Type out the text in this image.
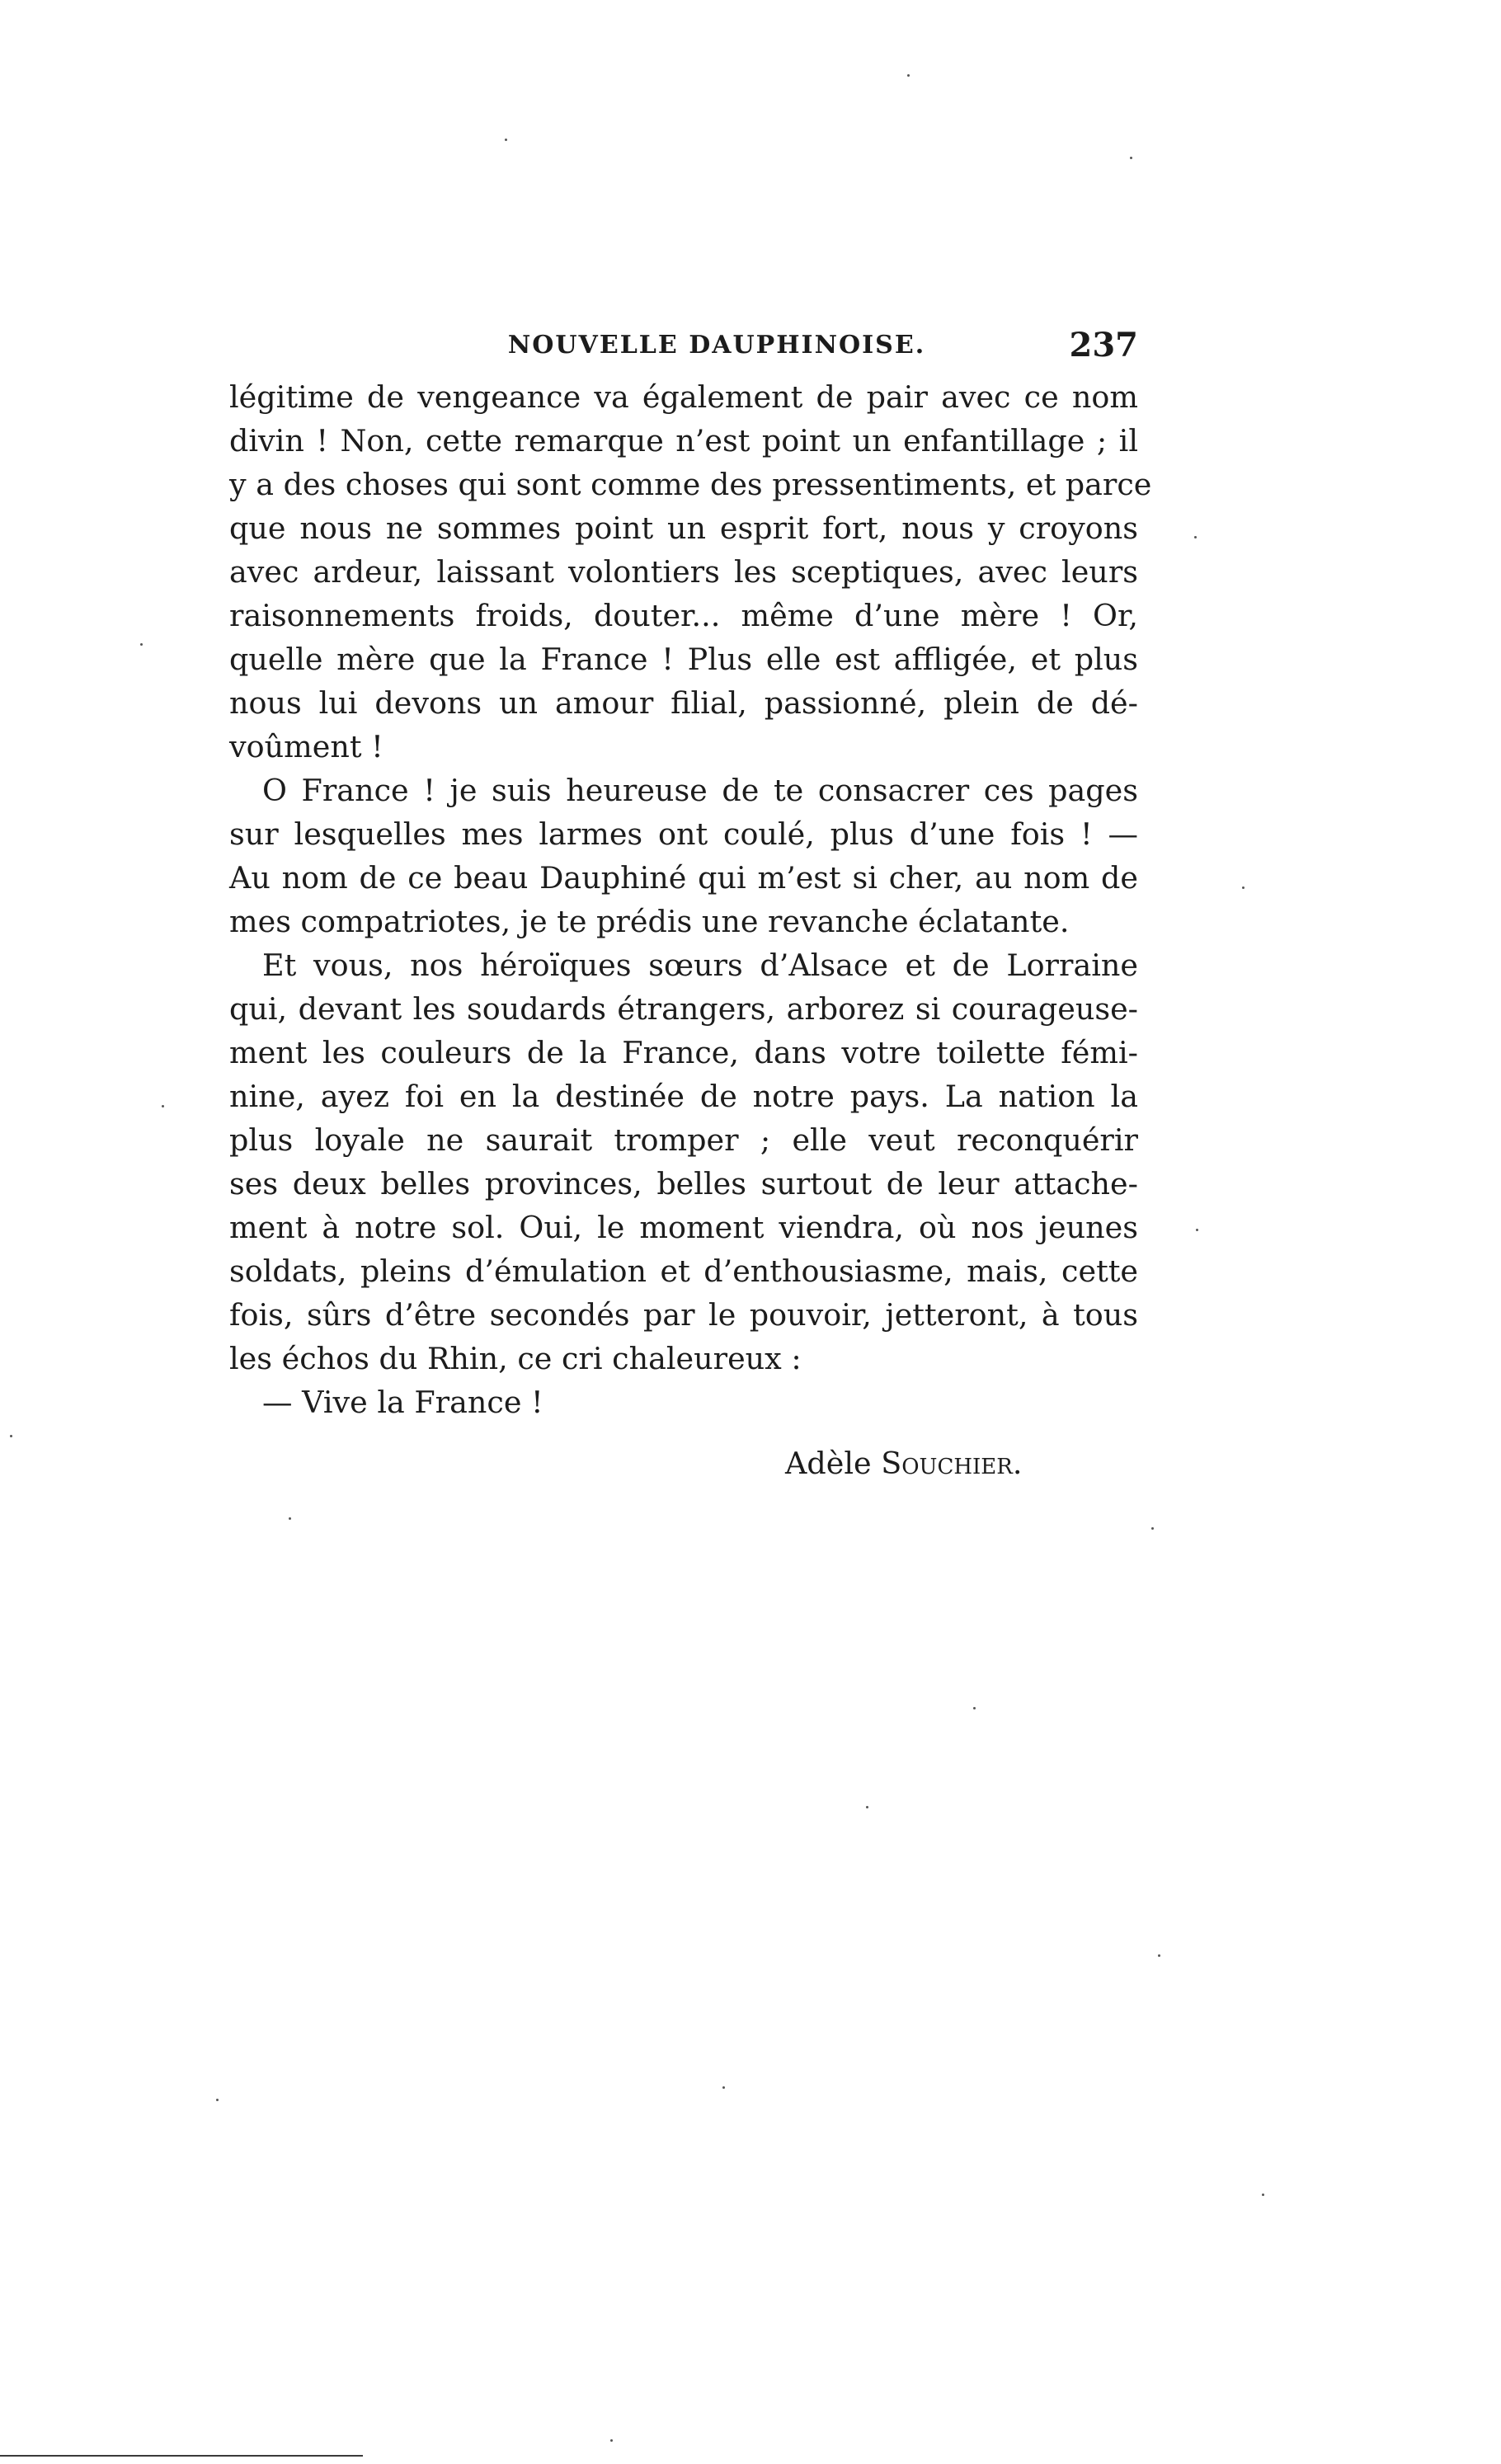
NOUVELLE DAUPHINOISE.	237
légitime de vengeance va également de pair avec ce nom
divin ! Non, cette remarque n’est point un enfantillage ; il
y a des choses qui sont comme des pressentiments, et parce
que nous ne sommes point un esprit fort, nous y croyons
avec ardeur, laissant volontiers les sceptiques, avec leurs
raisonnements froids, douter... même d’une mère ! Or,
quelle mère que la France ! Plus elle est affligée, et plus
nous lui devons un amour filial, passionné, plein de dé-
voûment !
O France ! je suis heureuse de te consacrer ces pages
sur lesquelles mes larmes ont coulé, plus d’une fois ! —
Au nom de ce beau Dauphiné qui m’est si cher, au nom de
mes compatriotes, je te prédis une revanche éclatante.
Et vous, nos héroïques sœurs d’Alsace et de Lorraine
qui, devant les soudards étrangers, arborez si courageuse-
ment les couleurs de la France, dans votre toilette fémi-
nine, ayez foi en la destinée de notre pays. La nation la
plus loyale ne saurait tromper ; elle veut reconquérir
ses deux belles provinces, belles surtout de leur attache-
ment à notre sol. Oui, le moment viendra, où nos jeunes
soldats, pleins d’émulation et d’enthousiasme, mais, cette
fois, sûrs d’être secondés par le pouvoir, jetteront, à tous
les échos du Rhin, ce cri chaleureux :
— Vive la France !
Adèle Souchier.
